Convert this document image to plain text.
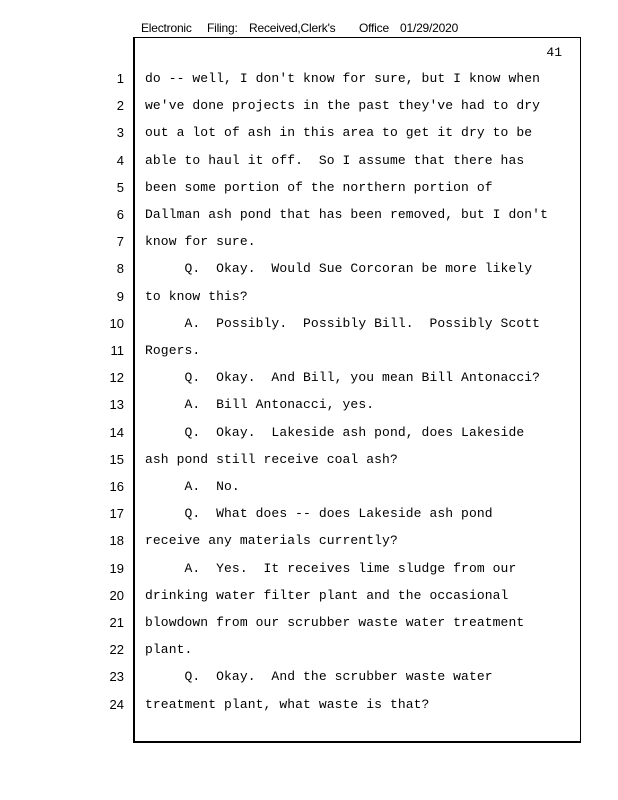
Electronic Filing: Received,Clerk's Office 01/29/2020
41
1 do -- well, I don't know for sure, but I know when
2 we've done projects in the past they've had to dry
3 out a lot of ash in this area to get it dry to be
4 able to haul it off.  So I assume that there has
5 been some portion of the northern portion of
6 Dallman ash pond that has been removed, but I don't
7 know for sure.
8 Q.  Okay.  Would Sue Corcoran be more likely
9 to know this?
10 A.  Possibly.  Possibly Bill.  Possibly Scott
11 Rogers.
12 Q.  Okay.  And Bill, you mean Bill Antonacci?
13 A.  Bill Antonacci, yes.
14 Q.  Okay.  Lakeside ash pond, does Lakeside
15 ash pond still receive coal ash?
16 A.  No.
17 Q.  What does -- does Lakeside ash pond
18 receive any materials currently?
19 A.  Yes.  It receives lime sludge from our
20 drinking water filter plant and the occasional
21 blowdown from our scrubber waste water treatment
22 plant.
23 Q.  Okay.  And the scrubber waste water
24 treatment plant, what waste is that?
